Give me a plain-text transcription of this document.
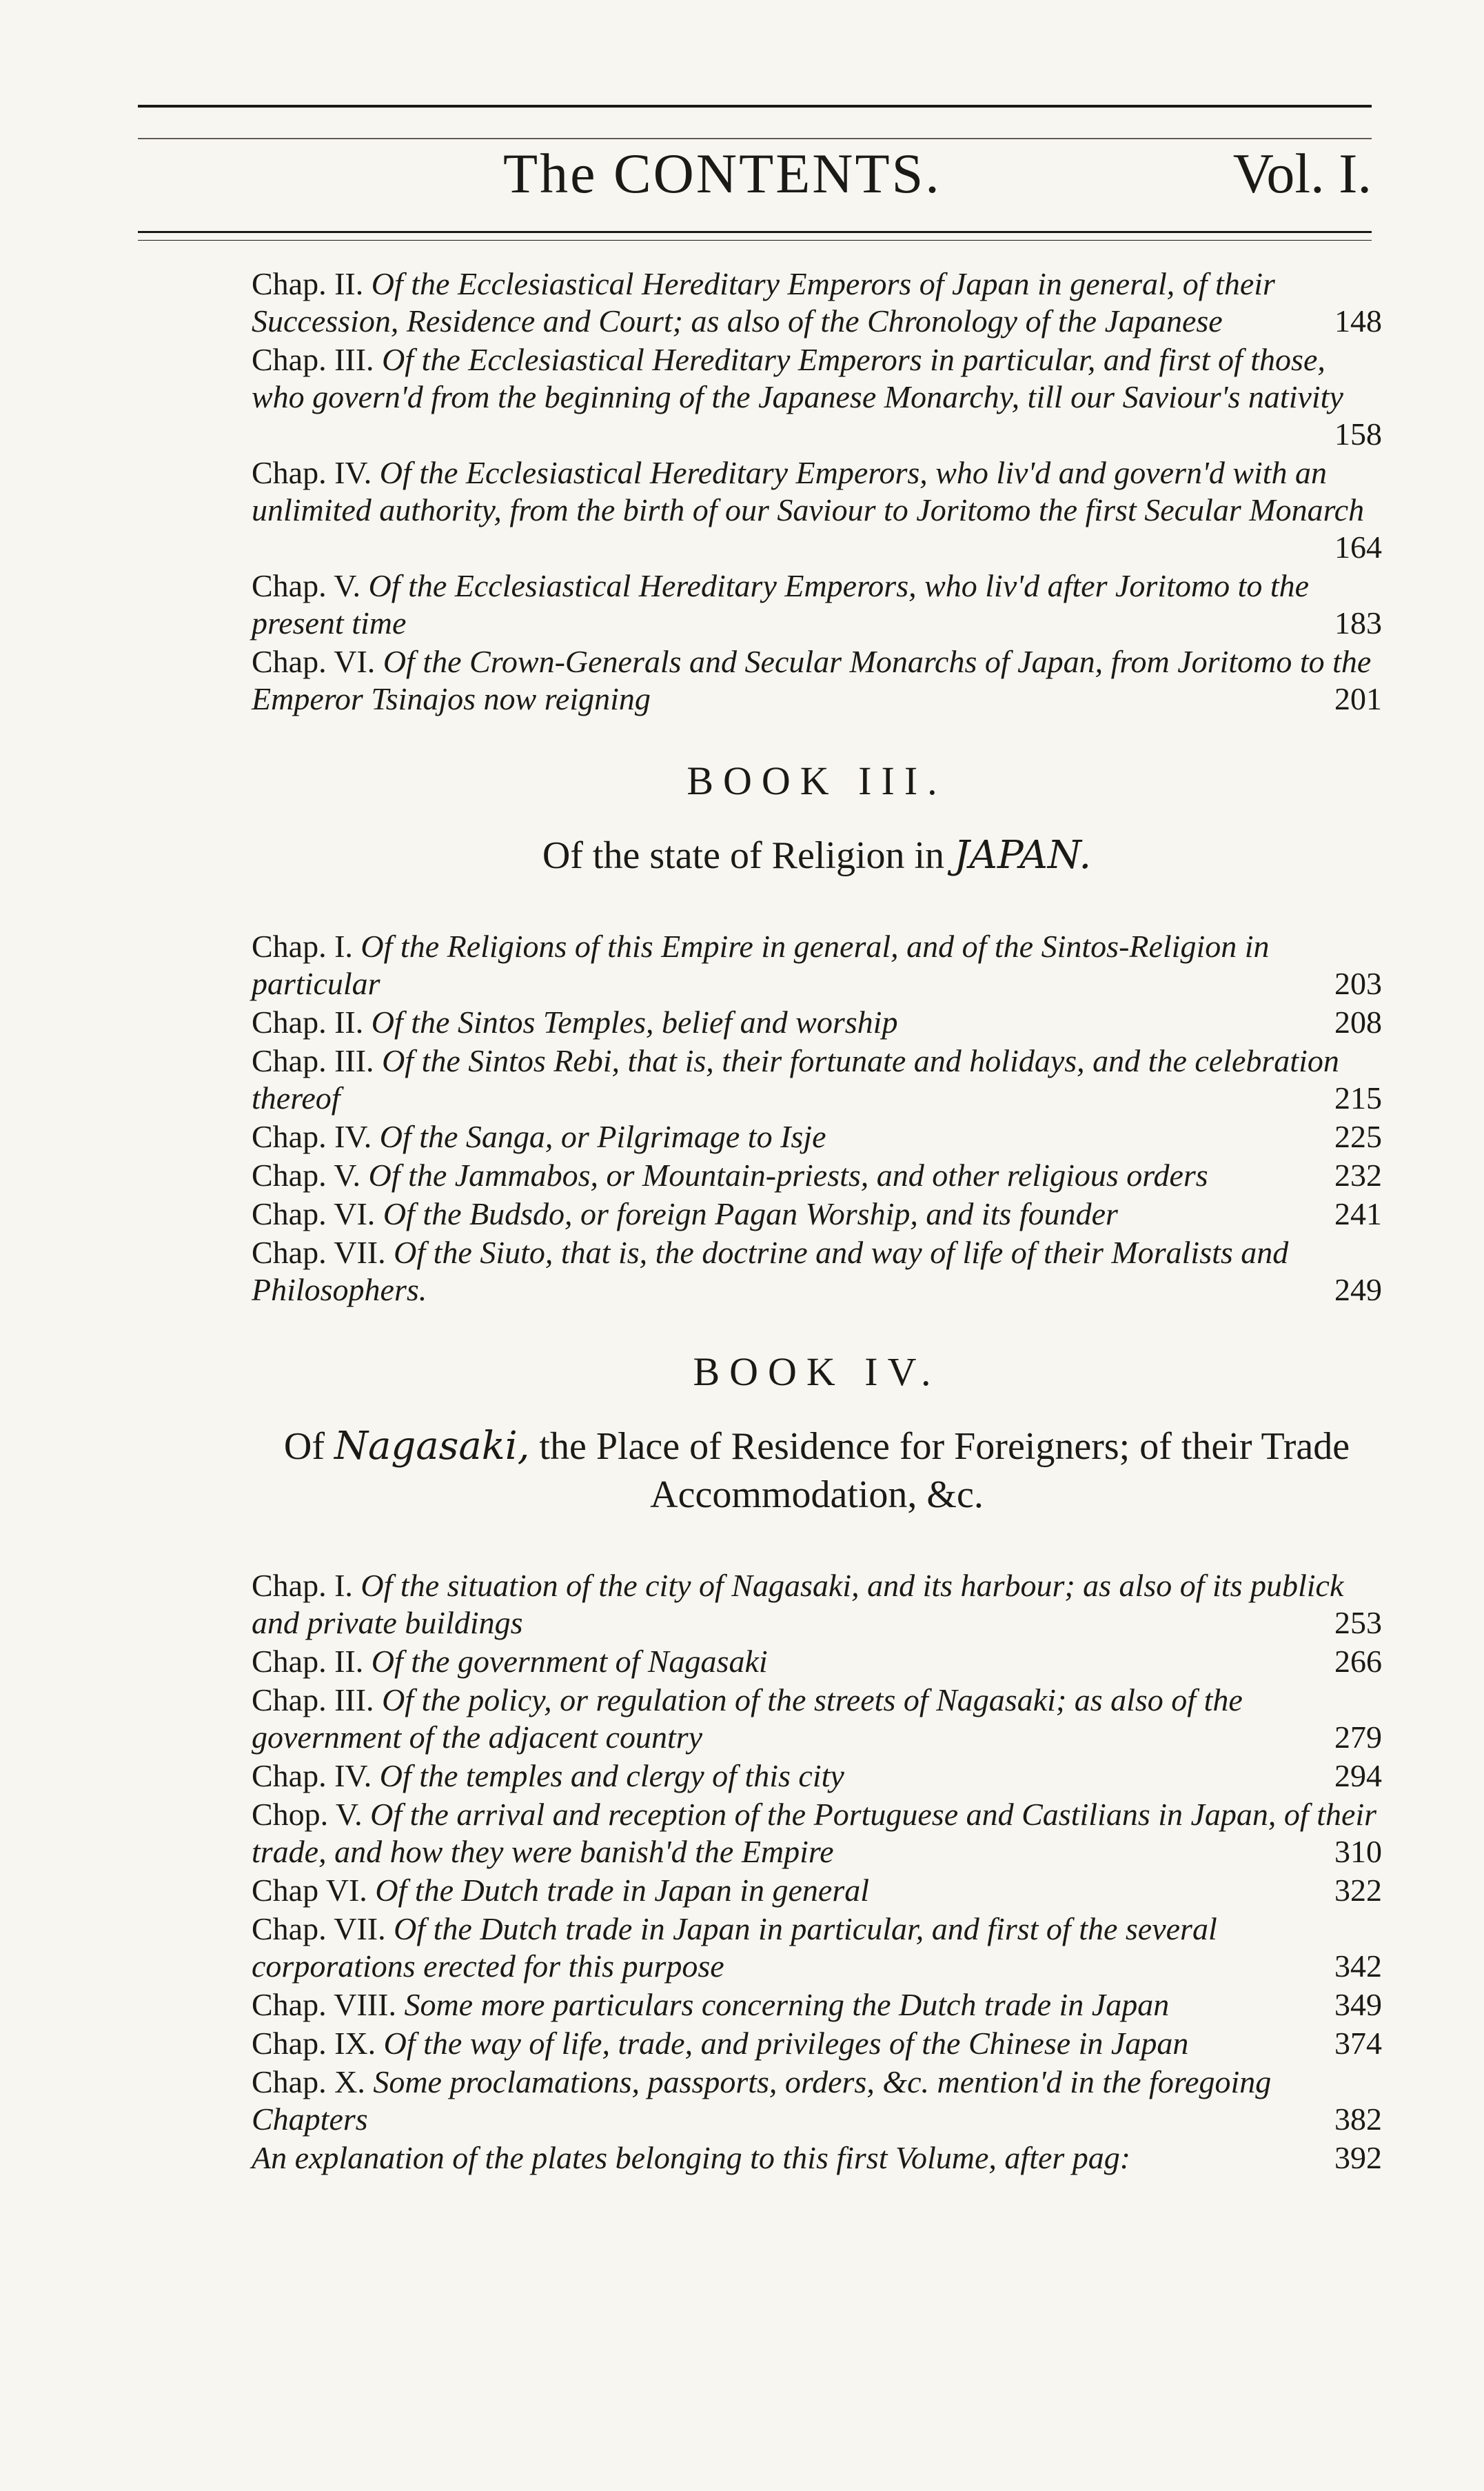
The CONTENTS.	Vol. I.
Chap. II. Of the Ecclesiastical Hereditary Emperors of Japan in general, of their Succession, Residence and Court; as also of the Chronology of the Japanese	148
Chap. III. Of the Ecclesiastical Hereditary Emperors in particular, and first of those, who govern'd from the beginning of the Japanese Monarchy, till our Saviour's nativity
158
Chap. IV. Of the Ecclesiastical Hereditary Emperors, who liv'd and govern'd with an unlimited authority, from the birth of our Saviour to Joritomo the first Secular Monarch
164
Chap. V. Of the Ecclesiastical Hereditary Emperors, who liv'd after Joritomo to the present time	183
Chap. VI. Of the Crown-Generals and Secular Monarchs of Japan, from Joritomo to the Emperor Tsinajos now reigning	201
BOOK III.
Of the state of Religion in JAPAN.
Chap. I. Of the Religions of this Empire in general, and of the Sintos-Religion in particular	203
Chap. II. Of the Sintos Temples, belief and worship	208
Chap. III. Of the Sintos Rebi, that is, their fortunate and holidays, and the celebration thereof	215
Chap. IV. Of the Sanga, or Pilgrimage to Isje	225
Chap. V. Of the Jammabos, or Mountain-priests, and other religious orders	232
Chap. VI. Of the Budsdo, or foreign Pagan Worship, and its founder	241
Chap. VII. Of the Siuto, that is, the doctrine and way of life of their Moralists and Philosophers.	249
BOOK IV.
Of Nagasaki, the Place of Residence for Foreigners; of their Trade Accommodation, &c.
Chap. I. Of the situation of the city of Nagasaki, and its harbour; as also of its publick and private buildings	253
Chap. II. Of the government of Nagasaki	266
Chap. III. Of the policy, or regulation of the streets of Nagasaki; as also of the government of the adjacent country	279
Chap. IV. Of the temples and clergy of this city	294
Chop. V. Of the arrival and reception of the Portuguese and Castilians in Japan, of their trade, and how they were banish'd the Empire	310
Chap VI. Of the Dutch trade in Japan in general	322
Chap. VII. Of the Dutch trade in Japan in particular, and first of the several corporations erected for this purpose	342
Chap. VIII. Some more particulars concerning the Dutch trade in Japan	349
Chap. IX. Of the way of life, trade, and privileges of the Chinese in Japan	374
Chap. X. Some proclamations, passports, orders, &c. mention'd in the foregoing Chapters	382
An explanation of the plates belonging to this first Volume, after pag:	392
